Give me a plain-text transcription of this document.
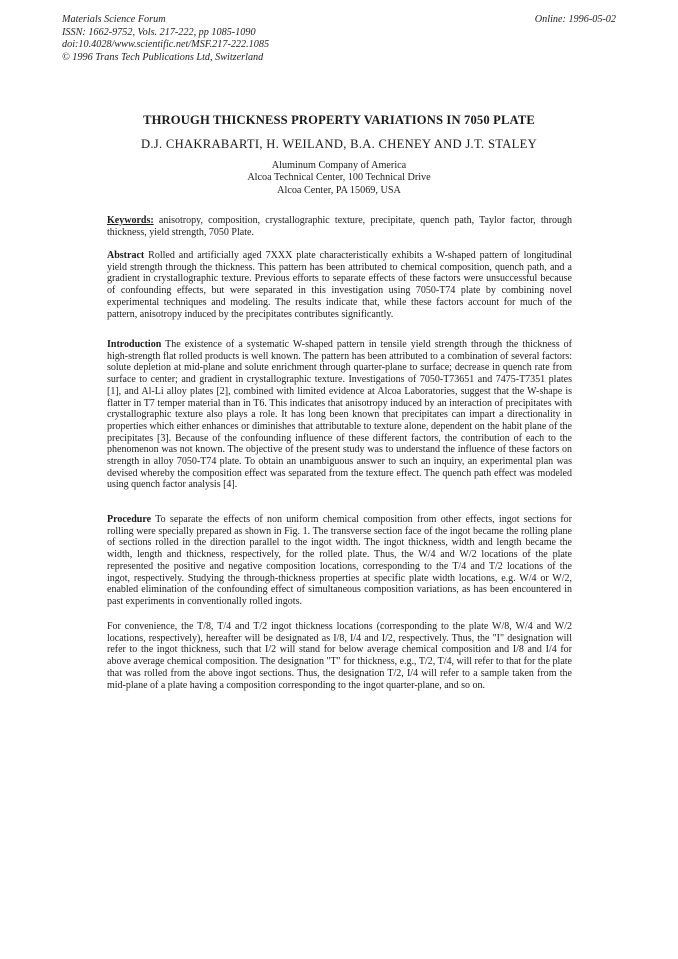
Materials Science Forum
ISSN: 1662-9752, Vols. 217-222, pp 1085-1090
doi:10.4028/www.scientific.net/MSF.217-222.1085
© 1996 Trans Tech Publications Ltd, Switzerland
Online: 1996-05-02
THROUGH THICKNESS PROPERTY VARIATIONS IN 7050 PLATE
D.J. CHAKRABARTI, H. WEILAND, B.A. CHENEY AND J.T. STALEY
Aluminum Company of America
Alcoa Technical Center, 100 Technical Drive
Alcoa Center, PA 15069, USA

Keywords: anisotropy, composition, crystallographic texture, precipitate, quench path, Taylor factor, through thickness, yield strength, 7050 Plate.

Abstract Rolled and artificially aged 7XXX plate characteristically exhibits a W-shaped pattern of longitudinal yield strength through the thickness. This pattern has been attributed to chemical composition, quench path, and a gradient in crystallographic texture. Previous efforts to separate effects of these factors were unsuccessful because of confounding effects, but were separated in this investigation using 7050-T74 plate by combining novel experimental techniques and modeling. The results indicate that, while these factors account for much of the pattern, anisotropy induced by the precipitates contributes significantly.

Introduction The existence of a systematic W-shaped pattern in tensile yield strength through the thickness of high-strength flat rolled products is well known. The pattern has been attributed to a combination of several factors: solute depletion at mid-plane and solute enrichment through quarter-plane to surface; decrease in quench rate from surface to center; and gradient in crystallographic texture. Investigations of 7050-T73651 and 7475-T7351 plates [1], and Al-Li alloy plates [2], combined with limited evidence at Alcoa Laboratories, suggest that the W-shape is flatter in T7 temper material than in T6. This indicates that anisotropy induced by an interaction of precipitates with crystallographic texture also plays a role. It has long been known that precipitates can impart a directionality in properties which either enhances or diminishes that attributable to texture alone, dependent on the habit plane of the precipitates [3]. Because of the confounding influence of these different factors, the contribution of each to the phenomenon was not known. The objective of the present study was to understand the influence of these factors on strength in alloy 7050-T74 plate. To obtain an unambiguous answer to such an inquiry, an experimental plan was devised whereby the composition effect was separated from the texture effect. The quench path effect was modeled using quench factor analysis [4].

Procedure To separate the effects of non uniform chemical composition from other effects, ingot sections for rolling were specially prepared as shown in Fig. 1. The transverse section face of the ingot became the rolling plane of sections rolled in the direction parallel to the ingot width. The ingot thickness, width and length became the width, length and thickness, respectively, for the rolled plate. Thus, the W/4 and W/2 locations of the plate represented the positive and negative composition locations, corresponding to the T/4 and T/2 locations of the ingot, respectively. Studying the through-thickness properties at specific plate width locations, e.g. W/4 or W/2, enabled elimination of the confounding effect of simultaneous composition variations, as has been encountered in past experiments in conventionally rolled ingots.

For convenience, the T/8, T/4 and T/2 ingot thickness locations (corresponding to the plate W/8, W/4 and W/2 locations, respectively), hereafter will be designated as I/8, I/4 and I/2, respectively. Thus, the "I" designation will refer to the ingot thickness, such that I/2 will stand for below average chemical composition and I/8 and I/4 for above average chemical composition. The designation "T" for thickness, e.g., T/2, T/4, will refer to that for the plate that was rolled from the above ingot sections. Thus, the designation T/2, I/4 will refer to a sample taken from the mid-plane of a plate having a composition corresponding to the ingot quarter-plane, and so on.
